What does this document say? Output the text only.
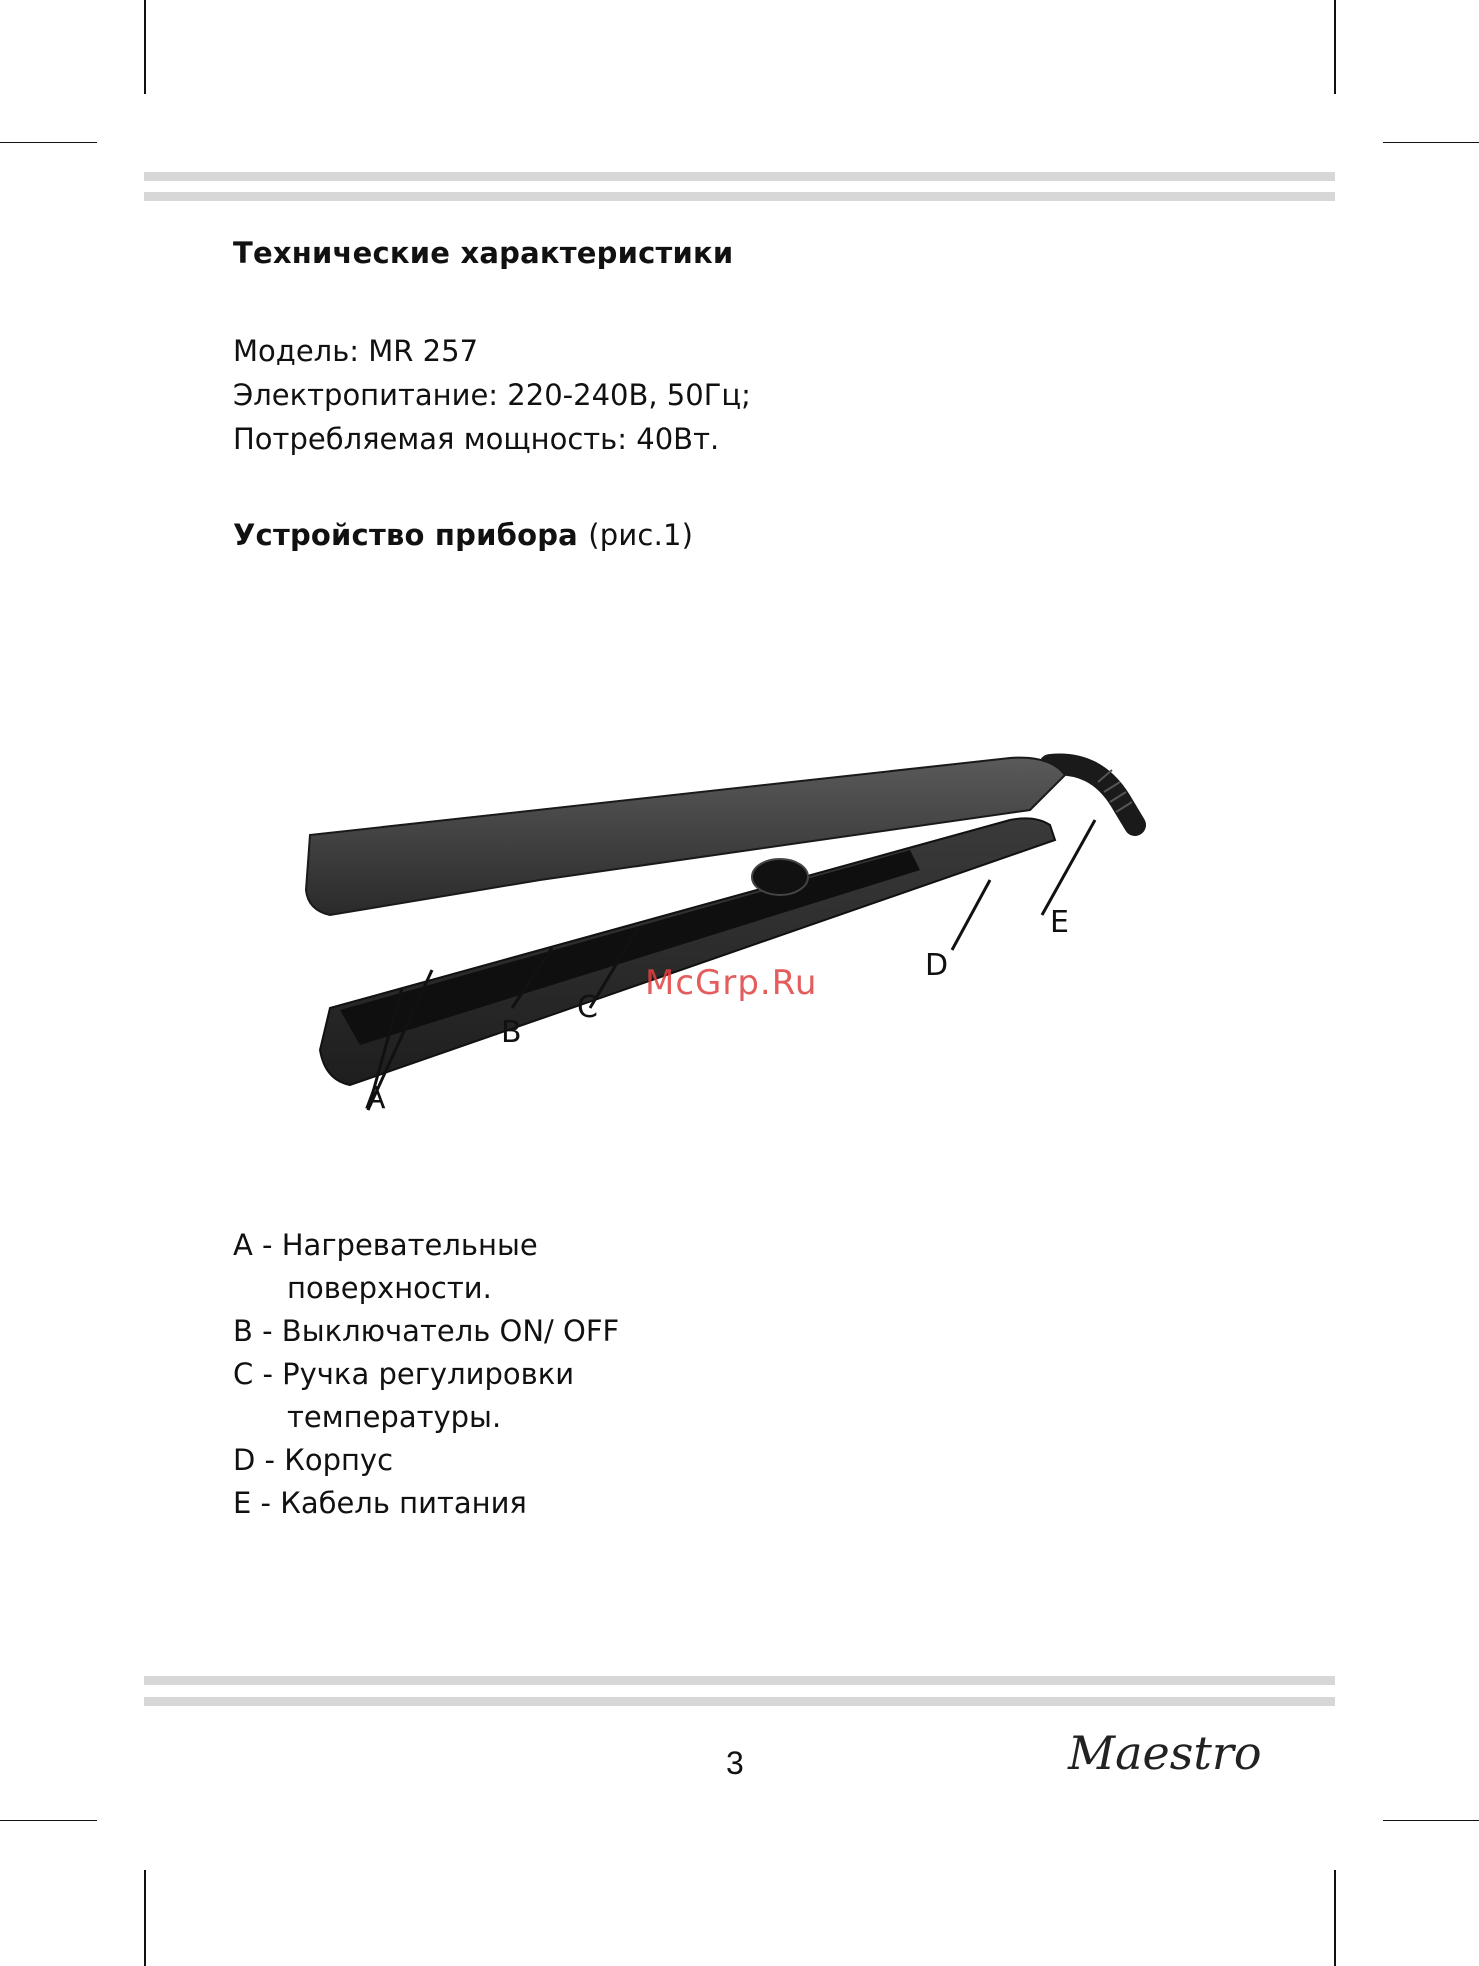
Технические характеристики
Модель: MR 257
Электропитание: 220-240В, 50Гц;
Потребляемая мощность: 40Вт.
Устройство прибора (рис.1)
A
B
C
D
E
McGrp.Ru
A - Нагревательные
поверхности.
B - Выключатель ON/ OFF
C - Ручка регулировки
температуры.
D - Корпус
E - Кабель питания
3	Maestro
